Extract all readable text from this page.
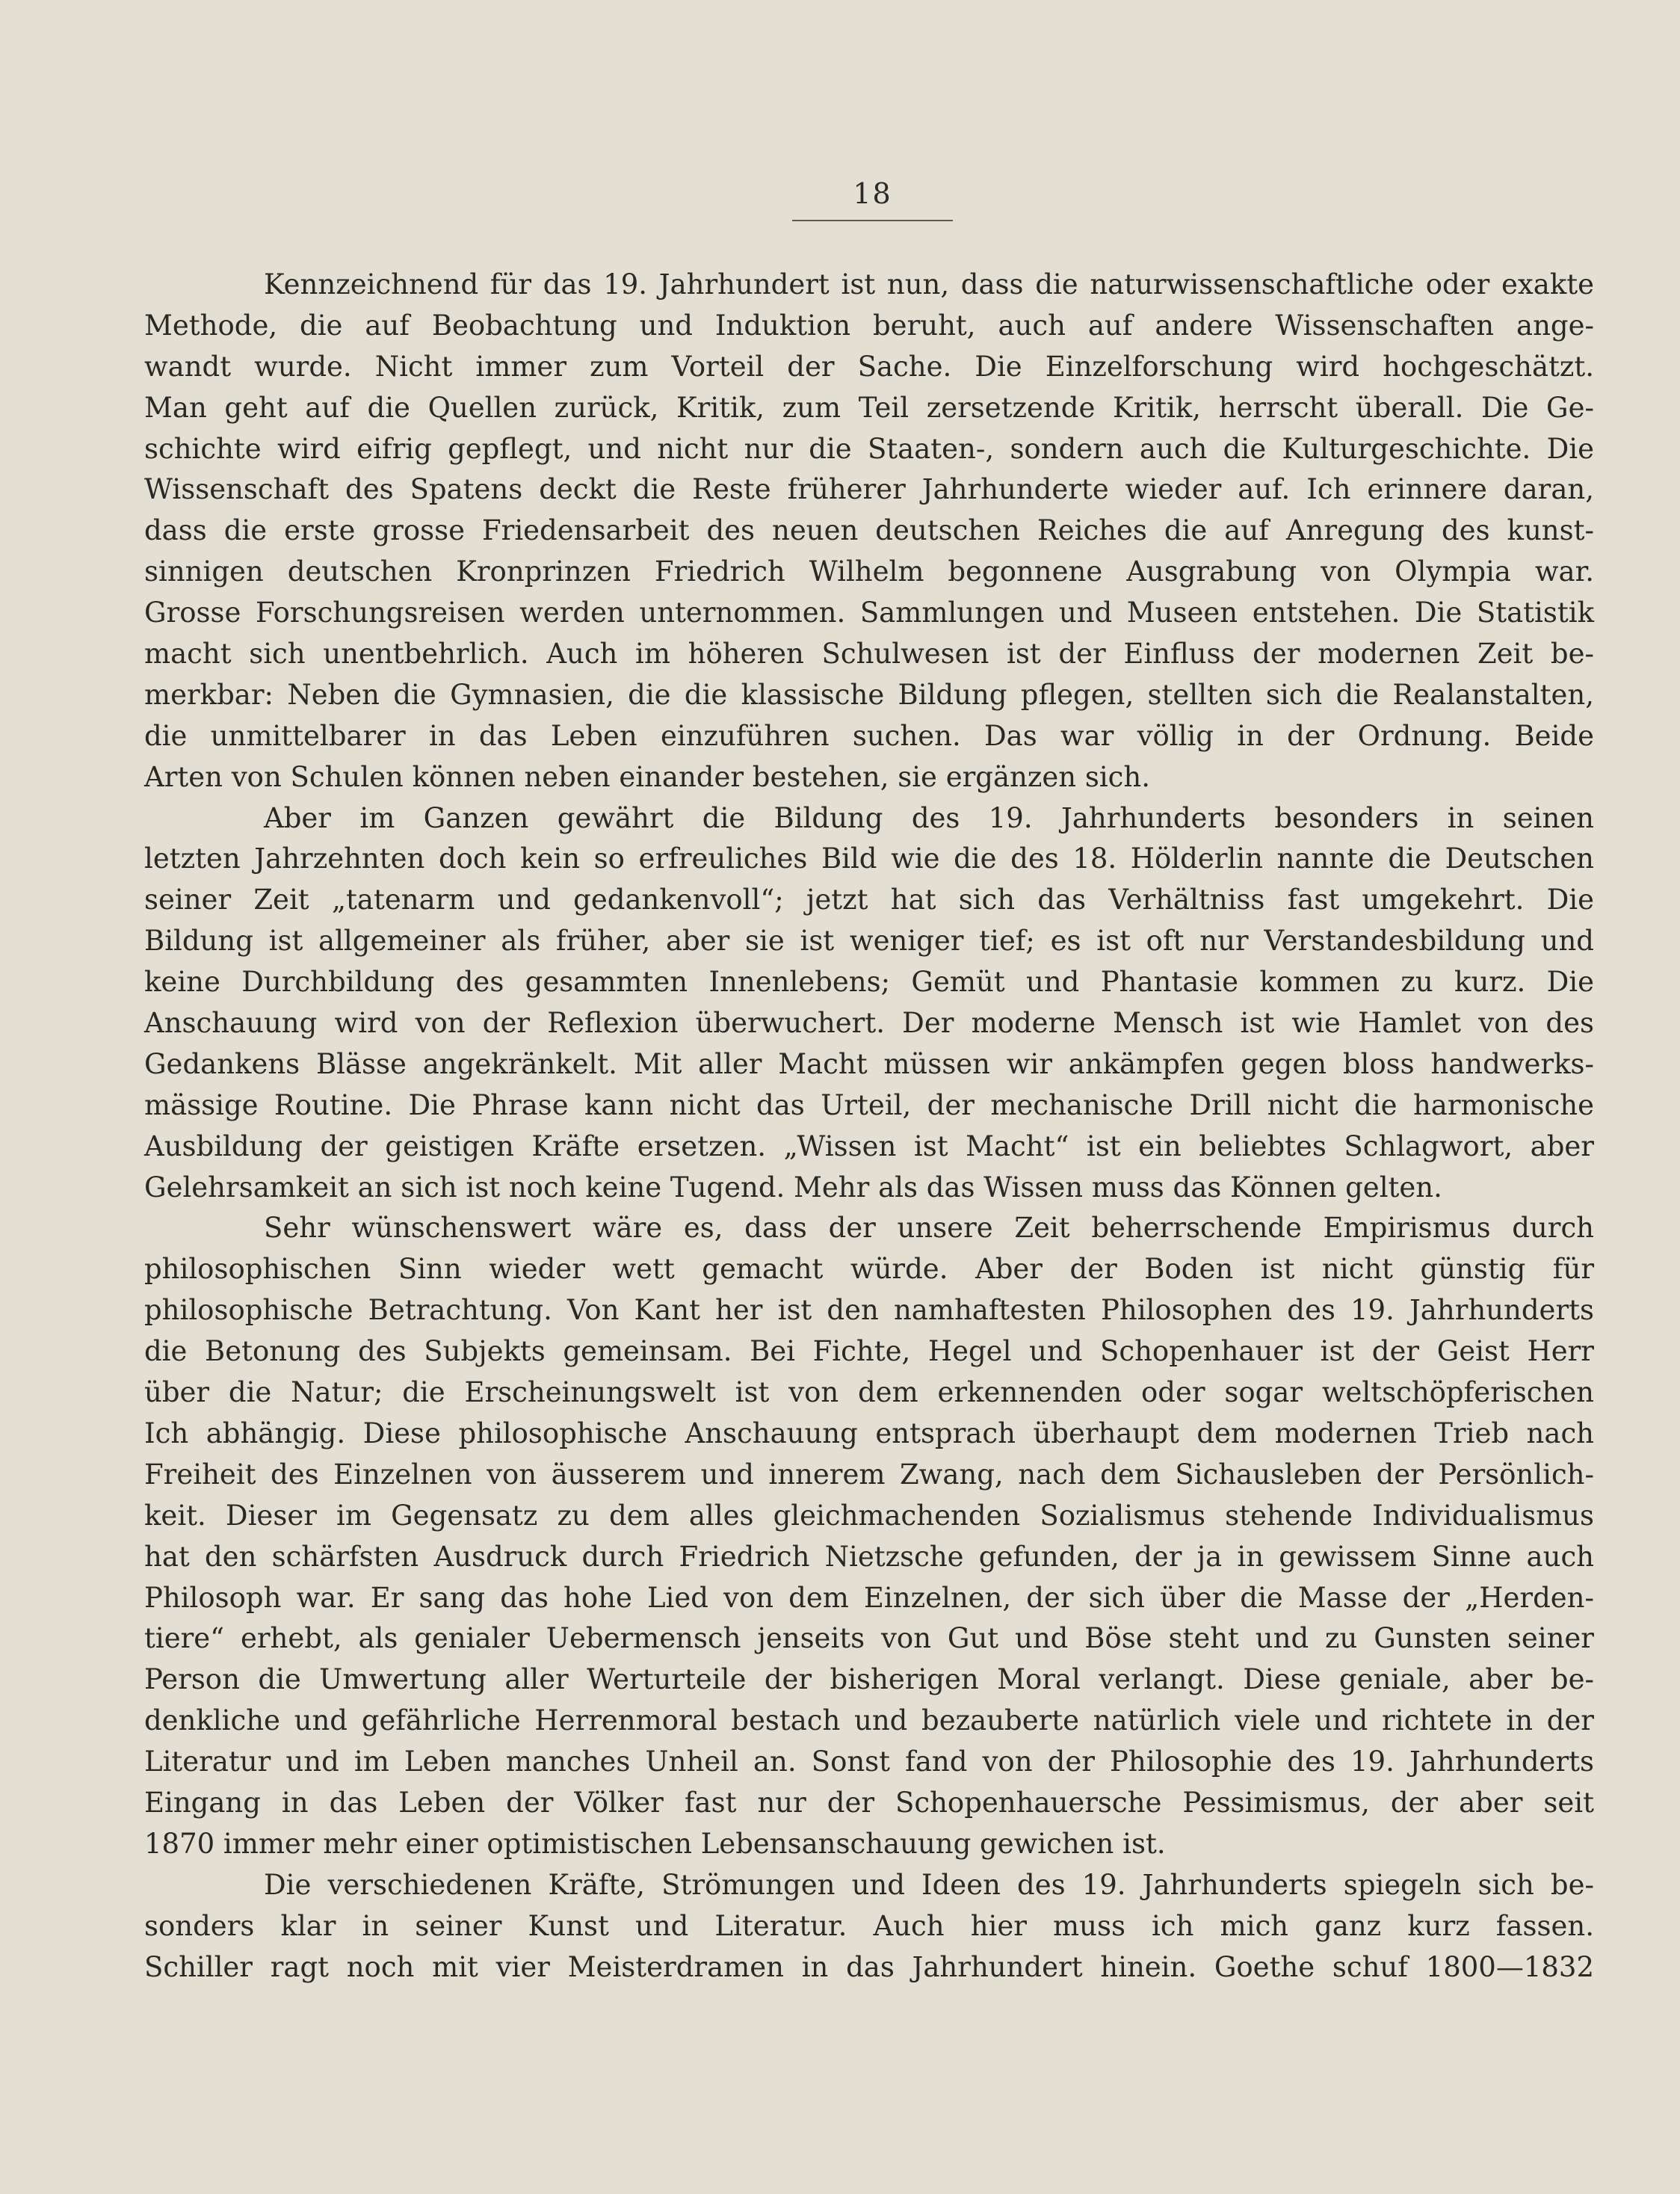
18
Kennzeichnend für das 19. Jahrhundert ist nun, dass die naturwissenschaftliche oder exakte
Methode, die auf Beobachtung und Induktion beruht, auch auf andere Wissenschaften ange-
wandt wurde. Nicht immer zum Vorteil der Sache. Die Einzelforschung wird hochgeschätzt.
Man geht auf die Quellen zurück, Kritik, zum Teil zersetzende Kritik, herrscht überall. Die Ge-
schichte wird eifrig gepflegt, und nicht nur die Staaten-, sondern auch die Kulturgeschichte. Die
Wissenschaft des Spatens deckt die Reste früherer Jahrhunderte wieder auf. Ich erinnere daran,
dass die erste grosse Friedensarbeit des neuen deutschen Reiches die auf Anregung des kunst-
sinnigen deutschen Kronprinzen Friedrich Wilhelm begonnene Ausgrabung von Olympia war.
Grosse Forschungsreisen werden unternommen. Sammlungen und Museen entstehen. Die Statistik
macht sich unentbehrlich. Auch im höheren Schulwesen ist der Einfluss der modernen Zeit be-
merkbar: Neben die Gymnasien, die die klassische Bildung pflegen, stellten sich die Realanstalten,
die unmittelbarer in das Leben einzuführen suchen. Das war völlig in der Ordnung. Beide
Arten von Schulen können neben einander bestehen, sie ergänzen sich.
Aber im Ganzen gewährt die Bildung des 19. Jahrhunderts besonders in seinen
letzten Jahrzehnten doch kein so erfreuliches Bild wie die des 18. Hölderlin nannte die Deutschen
seiner Zeit „tatenarm und gedankenvoll“; jetzt hat sich das Verhältniss fast umgekehrt. Die
Bildung ist allgemeiner als früher, aber sie ist weniger tief; es ist oft nur Verstandesbildung und
keine Durchbildung des gesammten Innenlebens; Gemüt und Phantasie kommen zu kurz. Die
Anschauung wird von der Reflexion überwuchert. Der moderne Mensch ist wie Hamlet von des
Gedankens Blässe angekränkelt. Mit aller Macht müssen wir ankämpfen gegen bloss handwerks-
mässige Routine. Die Phrase kann nicht das Urteil, der mechanische Drill nicht die harmonische
Ausbildung der geistigen Kräfte ersetzen. „Wissen ist Macht“ ist ein beliebtes Schlagwort, aber
Gelehrsamkeit an sich ist noch keine Tugend. Mehr als das Wissen muss das Können gelten.
Sehr wünschenswert wäre es, dass der unsere Zeit beherrschende Empirismus durch
philosophischen Sinn wieder wett gemacht würde. Aber der Boden ist nicht günstig für
philosophische Betrachtung. Von Kant her ist den namhaftesten Philosophen des 19. Jahrhunderts
die Betonung des Subjekts gemeinsam. Bei Fichte, Hegel und Schopenhauer ist der Geist Herr
über die Natur; die Erscheinungswelt ist von dem erkennenden oder sogar weltschöpferischen
Ich abhängig. Diese philosophische Anschauung entsprach überhaupt dem modernen Trieb nach
Freiheit des Einzelnen von äusserem und innerem Zwang, nach dem Sichausleben der Persönlich-
keit. Dieser im Gegensatz zu dem alles gleichmachenden Sozialismus stehende Individualismus
hat den schärfsten Ausdruck durch Friedrich Nietzsche gefunden, der ja in gewissem Sinne auch
Philosoph war. Er sang das hohe Lied von dem Einzelnen, der sich über die Masse der „Herden-
tiere“ erhebt, als genialer Uebermensch jenseits von Gut und Böse steht und zu Gunsten seiner
Person die Umwertung aller Werturteile der bisherigen Moral verlangt. Diese geniale, aber be-
denkliche und gefährliche Herrenmoral bestach und bezauberte natürlich viele und richtete in der
Literatur und im Leben manches Unheil an. Sonst fand von der Philosophie des 19. Jahrhunderts
Eingang in das Leben der Völker fast nur der Schopenhauersche Pessimismus, der aber seit
1870 immer mehr einer optimistischen Lebensanschauung gewichen ist.
Die verschiedenen Kräfte, Strömungen und Ideen des 19. Jahrhunderts spiegeln sich be-
sonders klar in seiner Kunst und Literatur. Auch hier muss ich mich ganz kurz fassen.
Schiller ragt noch mit vier Meisterdramen in das Jahrhundert hinein. Goethe schuf 1800—1832
